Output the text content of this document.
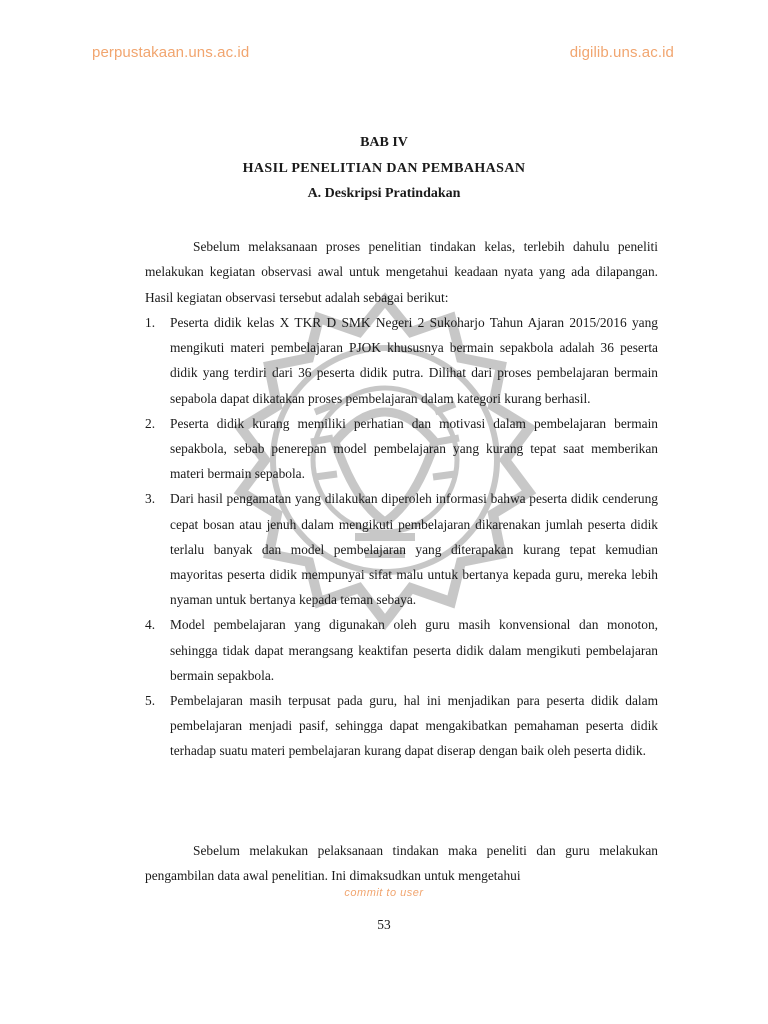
perpustakaan.uns.ac.id	digilib.uns.ac.id
BAB IV
HASIL PENELITIAN DAN PEMBAHASAN
A. Deskripsi Pratindakan

Sebelum melaksanaan proses penelitian tindakan kelas, terlebih dahulu peneliti melakukan kegiatan observasi awal untuk mengetahui keadaan nyata yang ada dilapangan. Hasil kegiatan observasi tersebut adalah sebagai berikut:

1. Peserta didik kelas X TKR D SMK Negeri 2 Sukoharjo Tahun Ajaran 2015/2016 yang mengikuti materi pembelajaran PJOK khususnya bermain sepakbola adalah 36 peserta didik yang terdiri dari 36 peserta didik putra. Dilihat dari proses pembelajaran bermain sepabola dapat dikatakan proses pembelajaran dalam kategori kurang berhasil.
2. Peserta didik kurang memiliki perhatian dan motivasi dalam pembelajaran bermain sepakbola, sebab penerepan model pembelajaran yang kurang tepat saat memberikan materi bermain sepabola.
3. Dari hasil pengamatan yang dilakukan diperoleh informasi bahwa peserta didik cenderung cepat bosan atau jenuh dalam mengikuti pembelajaran dikarenakan jumlah peserta didik terlalu banyak dan model pembelajaran yang diterapakan kurang tepat kemudian mayoritas peserta didik mempunyai sifat malu untuk bertanya kepada guru, mereka lebih nyaman untuk bertanya kepada teman sebaya.
4. Model pembelajaran yang digunakan oleh guru masih konvensional dan monoton, sehingga tidak dapat merangsang keaktifan peserta didik dalam mengikuti pembelajaran bermain sepakbola.
5. Pembelajaran masih terpusat pada guru, hal ini menjadikan para peserta didik dalam pembelajaran menjadi pasif, sehingga dapat mengakibatkan pemahaman peserta didik terhadap suatu materi pembelajaran kurang dapat diserap dengan baik oleh peserta didik.

Sebelum melakukan pelaksanaan tindakan maka peneliti dan guru melakukan pengambilan data awal penelitian. Ini dimaksudkan untuk mengetahui

commit to user
53
